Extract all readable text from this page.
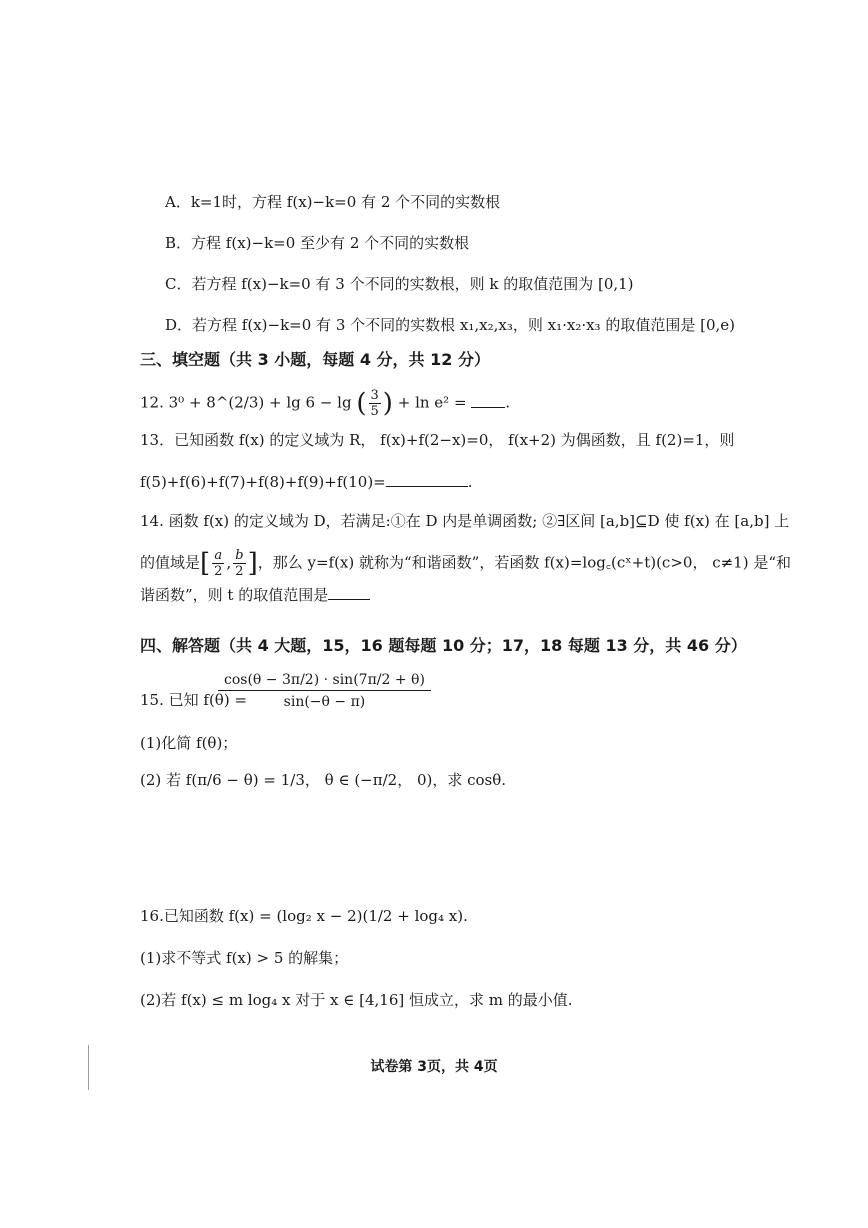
A．k=1时，方程 f(x)−k=0 有 2 个不同的实数根
B．方程 f(x)−k=0 至少有 2 个不同的实数根
C．若方程 f(x)−k=0 有 3 个不同的实数根，则 k 的取值范围为 [0,1)
D．若方程 f(x)−k=0 有 3 个不同的实数根 x₁,x₂,x₃，则 x₁·x₂·x₃ 的取值范围是 [0,e)
三、填空题（共 3 小题，每题 4 分，共 12 分）
12. 3⁰ + 8^(2/3) + lg 6 − lg ( $\frac{3}{5}$ ) + ln e² =	.
13．已知函数 f(x) 的定义域为 R， f(x)+f(2−x)=0， f(x+2) 为偶函数，且 f(2)=1，则
f(5)+f(6)+f(7)+f(8)+f(9)+f(10)=	.
14. 函数 f(x) 的定义域为 D，若满足:①在 D 内是单调函数; ②∃区间 [a,b]⊆D 使 f(x) 在 [a,b] 上
的值域是[ $\frac{a}{2}$ , $\frac{b}{2}$ ]，那么 y=f(x) 就称为“和谐函数”，若函数 f(x)=log꜀(cˣ+t)(c>0， c≠1) 是“和
谐函数”，则 t 的取值范围是
四、解答题（共 4 大题，15，16 题每题 10 分；17，18 每题 13 分，共 46 分）
15. 已知 f(θ) =
$\frac{\cos(\theta - 3\pi/2) \cdot \sin(7\pi/2 + \theta)}{\sin(-\theta - \pi)}$
(1)化简 f(θ)；
(2) 若 f(π/6 − θ) = 1/3， θ ∈ (−π/2， 0)，求 cosθ.
16.已知函数 f(x) = (log₂ x − 2)(1/2 + log₄ x).
(1)求不等式 f(x) > 5 的解集；
(2)若 f(x) ≤ m log₄ x 对于 x ∈ [4,16] 恒成立，求 m 的最小值.
试卷第 3页，共 4页
